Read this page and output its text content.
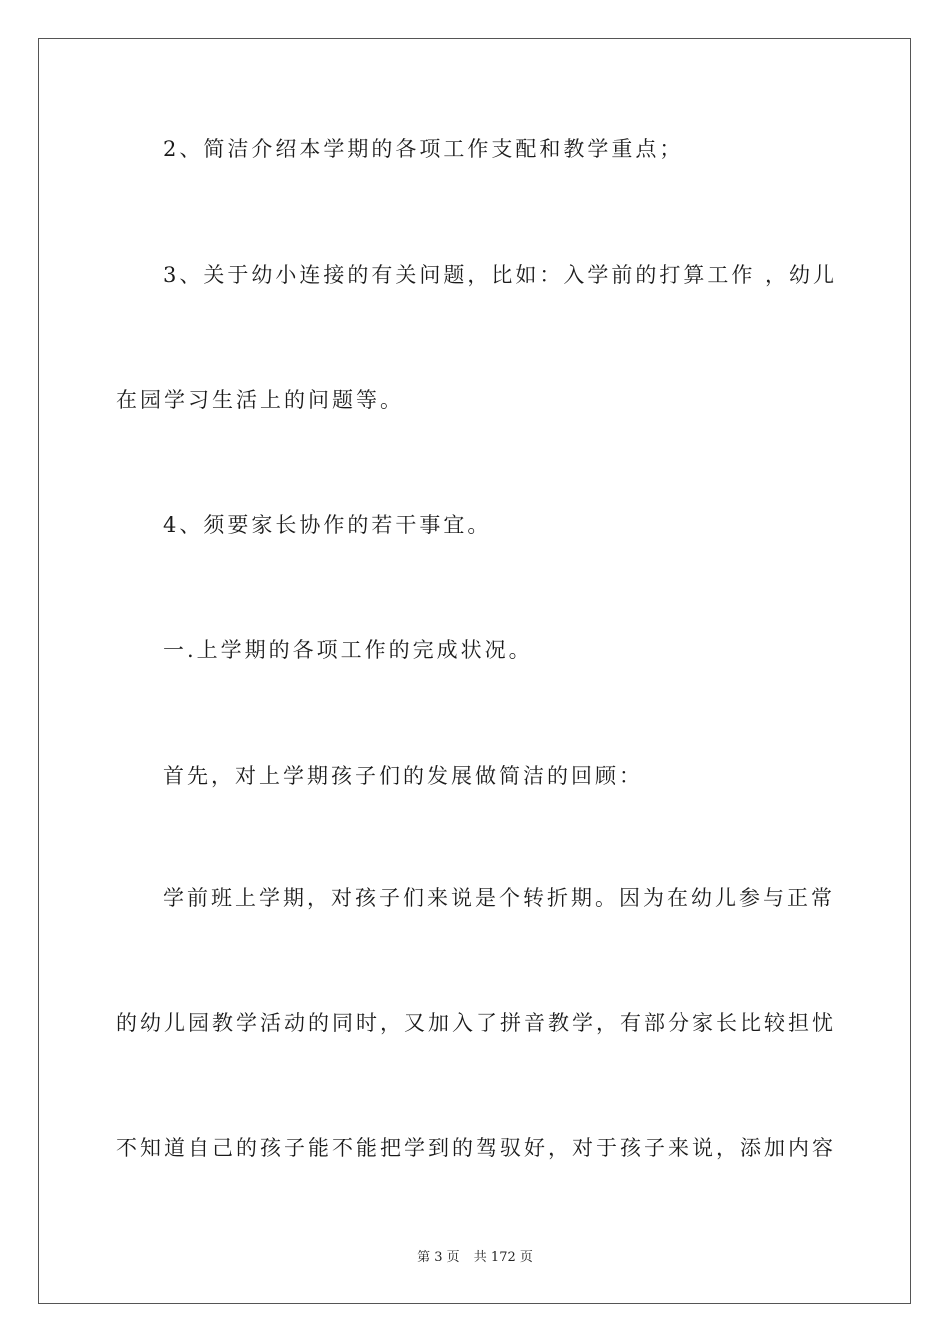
2、简洁介绍本学期的各项工作支配和教学重点；
3、关于幼小连接的有关问题，比如：入学前的打算工作 ，幼儿
在园学习生活上的问题等。
4、须要家长协作的若干事宜。
一.上学期的各项工作的完成状况。
首先，对上学期孩子们的发展做简洁的回顾：
学前班上学期，对孩子们来说是个转折期。因为在幼儿参与正常
的幼儿园教学活动的同时，又加入了拼音教学，有部分家长比较担忧
不知道自己的孩子能不能把学到的驾驭好，对于孩子来说，添加内容
第 3 页 共 172 页
